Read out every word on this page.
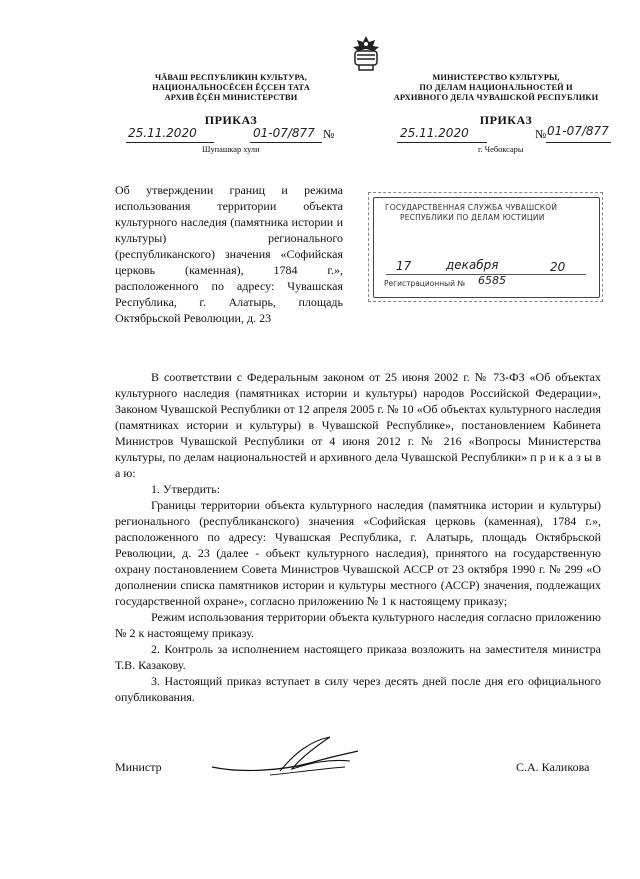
ЧĂВАШ РЕСПУБЛИКИН КУЛЬТУРА,
НАЦИОНАЛЬНОСĔСЕН ĔÇСЕН ТАТА
АРХИВ ĔÇĔН МИНИСТЕРСТВИ
МИНИСТЕРСТВО КУЛЬТУРЫ,
ПО ДЕЛАМ НАЦИОНАЛЬНОСТЕЙ И
АРХИВНОГО ДЕЛА ЧУВАШСКОЙ РЕСПУБЛИКИ
ПРИКАЗ	ПРИКАЗ
25.11.2020	01-07/877 №
Шупашкар хули
25.11.2020	№ 01-07/877
г. Чебоксары
Об утверждении границ и режима использования территории объекта культурного наследия (памятника истории и культуры) регионального (республиканского) значения «Софийская церковь (каменная), 1784 г.», расположенного по адресу: Чувашская Республика, г. Алатырь, площадь Октябрьской Революции, д. 23
ГОСУДАРСТВЕННАЯ СЛУЖБА ЧУВАШСКОЙ
РЕСПУБЛИКИ ПО ДЕЛАМ ЮСТИЦИИ
17	декабря	20
Регистрационный № 6585

В соответствии с Федеральным законом от 25 июня 2002 г. № 73-ФЗ «Об объектах культурного наследия (памятниках истории и культуры) народов Российской Федерации», Законом Чувашской Республики от 12 апреля 2005 г. № 10 «Об объектах культурного наследия (памятниках истории и культуры) в Чувашской Республике», постановлением Кабинета Министров Чувашской Республики от 4 июня 2012 г. № 216 «Вопросы Министерства культуры, по делам национальностей и архивного дела Чувашской Республики» п р и к а з ы в а ю:

1. Утвердить:

Границы территории объекта культурного наследия (памятника истории и культуры) регионального (республиканского) значения «Софийская церковь (каменная), 1784 г.», расположенного по адресу: Чувашская Республика, г. Алатырь, площадь Октябрьской Революции, д. 23 (далее - объект культурного наследия), принятого на государственную охрану постановлением Совета Министров Чувашской АССР от 23 октября 1990 г. № 299 «О дополнении списка памятников истории и культуры местного (АССР) значения, подлежащих государственной охране», согласно приложению № 1 к настоящему приказу;

Режим использования территории объекта культурного наследия согласно приложению № 2 к настоящему приказу.

2. Контроль за исполнением настоящего приказа возложить на заместителя министра Т.В. Казакову.

3. Настоящий приказ вступает в силу через десять дней после дня его официального опубликования.

Министр	С.А. Каликова
